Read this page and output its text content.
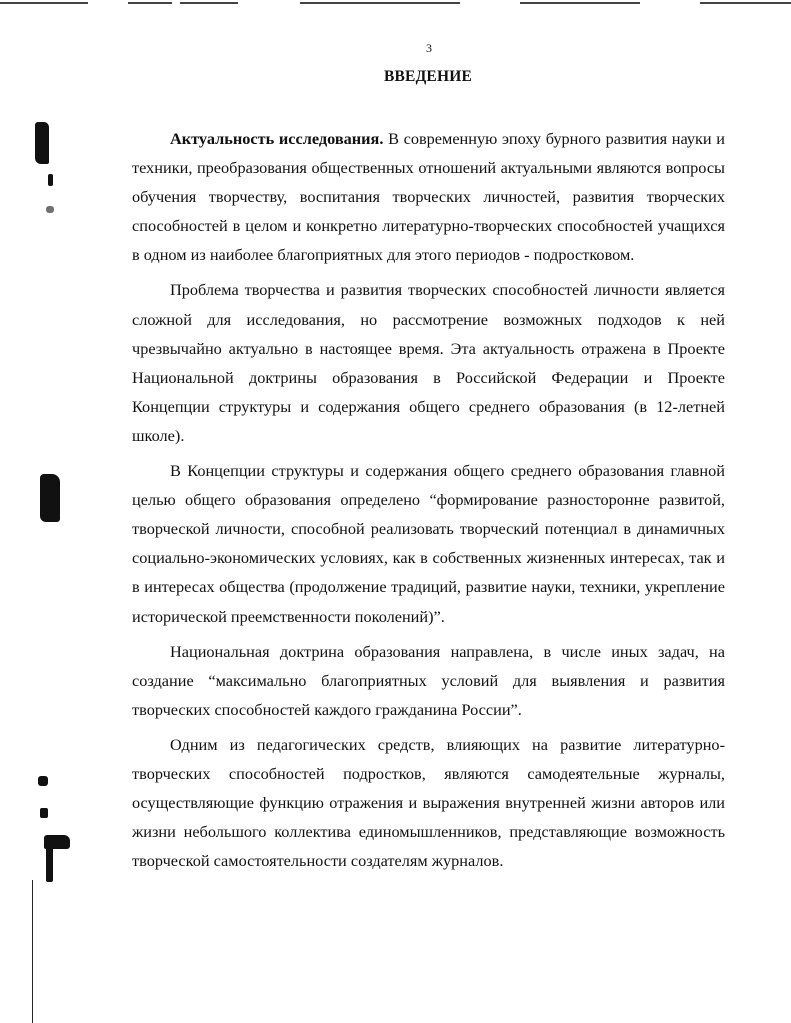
3
ВВЕДЕНИЕ

Актуальность исследования. В современную эпоху бурного развития науки и техники, преобразования общественных отношений актуальными являются вопросы обучения творчеству, воспитания творческих личностей, развития творческих способностей в целом и конкретно литературно-творческих способностей учащихся в одном из наиболее благоприятных для этого периодов - подростковом.

Проблема творчества и развития творческих способностей личности является сложной для исследования, но рассмотрение возможных подходов к ней чрезвычайно актуально в настоящее время. Эта актуальность отражена в Проекте Национальной доктрины образования в Российской Федерации и Проекте Концепции структуры и содержания общего среднего образования (в 12-летней школе).

В Концепции структуры и содержания общего среднего образования главной целью общего образования определено “формирование разносторонне развитой, творческой личности, способной реализовать творческий потенциал в динамичных социально-экономических условиях, как в собственных жизненных интересах, так и в интересах общества (продолжение традиций, развитие науки, техники, укрепление исторической преемственности поколений)”.

Национальная доктрина образования направлена, в числе иных задач, на создание “максимально благоприятных условий для выявления и развития творческих способностей каждого гражданина России”.

Одним из педагогических средств, влияющих на развитие литературно-творческих способностей подростков, являются самодеятельные журналы, осуществляющие функцию отражения и выражения внутренней жизни авторов или жизни небольшого коллектива единомышленников, представляющие возможность творческой самостоятельности создателям журналов.
